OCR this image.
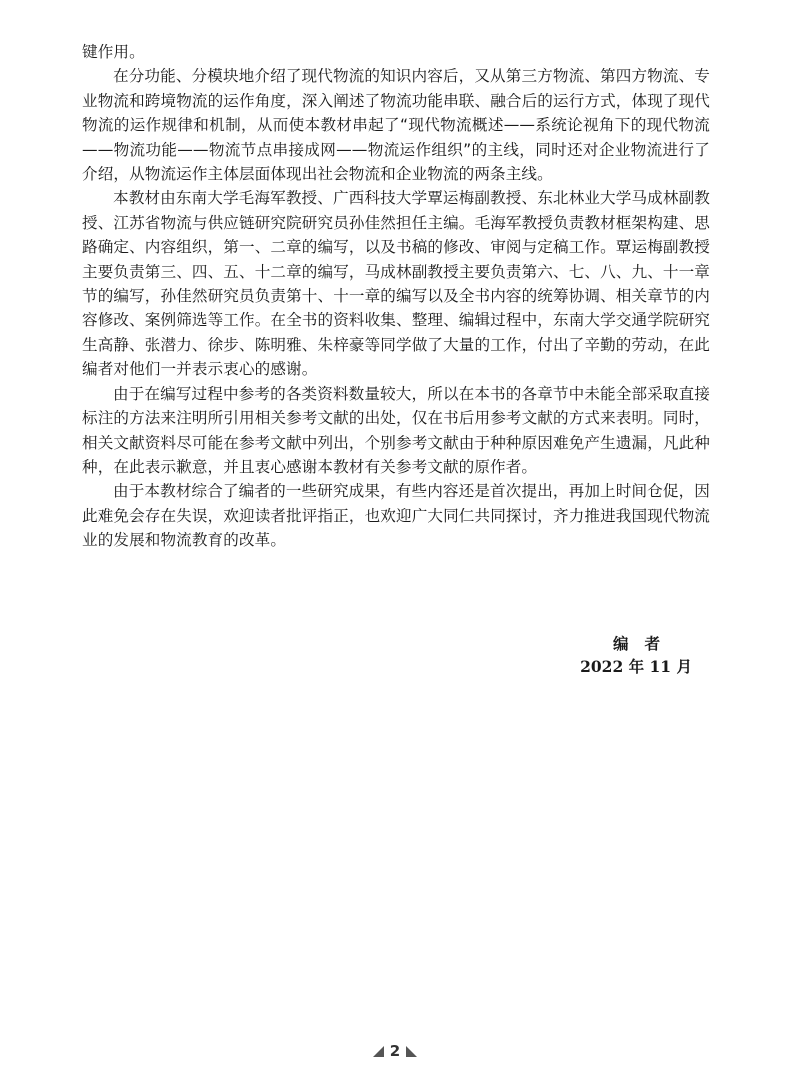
键作用。

在分功能、分模块地介绍了现代物流的知识内容后，又从第三方物流、第四方物流、专业物流和跨境物流的运作角度，深入阐述了物流功能串联、融合后的运行方式，体现了现代物流的运作规律和机制，从而使本教材串起了“现代物流概述——系统论视角下的现代物流——物流功能——物流节点串接成网——物流运作组织”的主线，同时还对企业物流进行了介绍，从物流运作主体层面体现出社会物流和企业物流的两条主线。

本教材由东南大学毛海军教授、广西科技大学覃运梅副教授、东北林业大学马成林副教授、江苏省物流与供应链研究院研究员孙佳然担任主编。毛海军教授负责教材框架构建、思路确定、内容组织，第一、二章的编写，以及书稿的修改、审阅与定稿工作。覃运梅副教授主要负责第三、四、五、十二章的编写，马成林副教授主要负责第六、七、八、九、十一章节的编写，孙佳然研究员负责第十、十一章的编写以及全书内容的统筹协调、相关章节的内容修改、案例筛选等工作。在全书的资料收集、整理、编辑过程中，东南大学交通学院研究生高静、张潜力、徐步、陈明雅、朱梓豪等同学做了大量的工作，付出了辛勤的劳动，在此编者对他们一并表示衷心的感谢。

由于在编写过程中参考的各类资料数量较大，所以在本书的各章节中未能全部采取直接标注的方法来注明所引用相关参考文献的出处，仅在书后用参考文献的方式来表明。同时，相关文献资料尽可能在参考文献中列出，个别参考文献由于种种原因难免产生遗漏，凡此种种，在此表示歉意，并且衷心感谢本教材有关参考文献的原作者。

由于本教材综合了编者的一些研究成果，有些内容还是首次提出，再加上时间仓促，因此难免会存在失误，欢迎读者批评指正，也欢迎广大同仁共同探讨，齐力推进我国现代物流业的发展和物流教育的改革。

编者
2022 年 11 月
2
